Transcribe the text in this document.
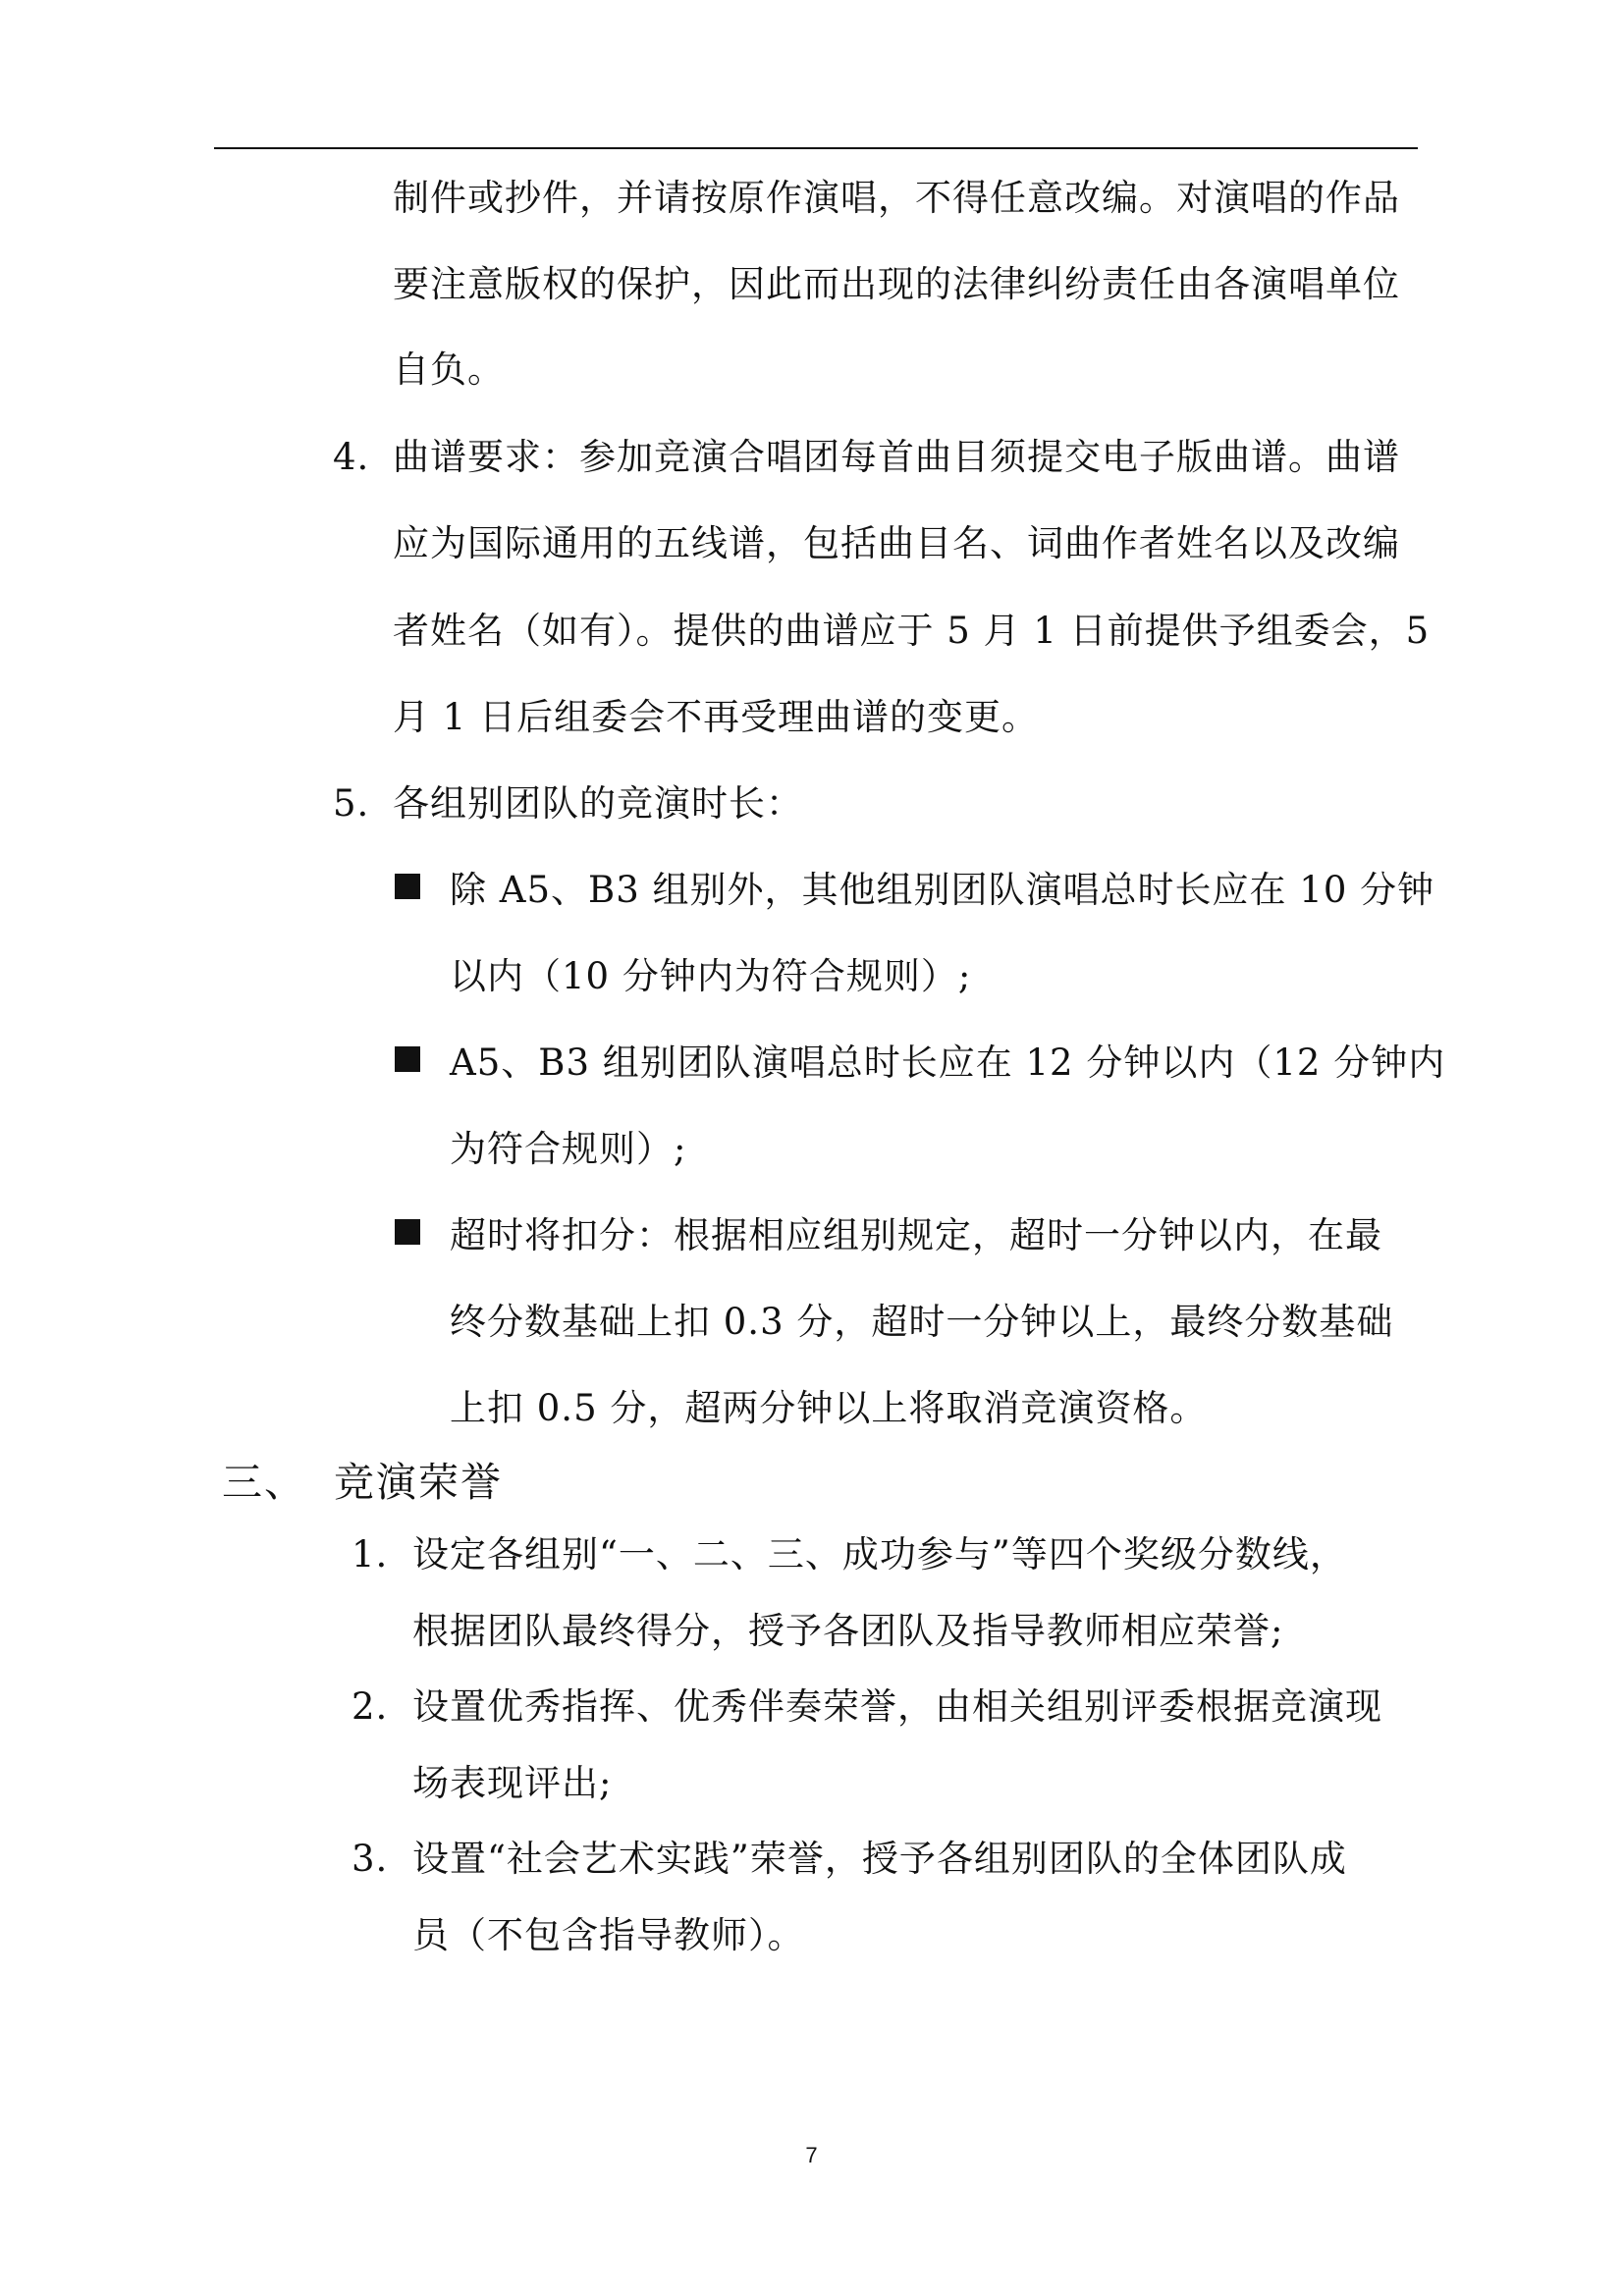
制件或抄件，并请按原作演唱，不得任意改编。对演唱的作品
要注意版权的保护，因此而出现的法律纠纷责任由各演唱单位
自负。
4. 曲谱要求：参加竞演合唱团每首曲目须提交电子版曲谱。曲谱
应为国际通用的五线谱，包括曲目名、词曲作者姓名以及改编
者姓名（如有）。提供的曲谱应于 5 月 1 日前提供予组委会，5
月 1 日后组委会不再受理曲谱的变更。
5. 各组别团队的竞演时长：
除 A5、B3 组别外，其他组别团队演唱总时长应在 10 分钟
以内（10 分钟内为符合规则）;
A5、B3 组别团队演唱总时长应在 12 分钟以内（12 分钟内
为符合规则）;
超时将扣分：根据相应组别规定，超时一分钟以内，在最
终分数基础上扣 0.3 分，超时一分钟以上，最终分数基础
上扣 0.5 分，超两分钟以上将取消竞演资格。
三、 竞演荣誉
1. 设定各组别“一、二、三、成功参与”等四个奖级分数线，
根据团队最终得分，授予各团队及指导教师相应荣誉;
2. 设置优秀指挥、优秀伴奏荣誉，由相关组别评委根据竞演现
场表现评出;
3. 设置“社会艺术实践”荣誉，授予各组别团队的全体团队成
员（不包含指导教师）。
7
